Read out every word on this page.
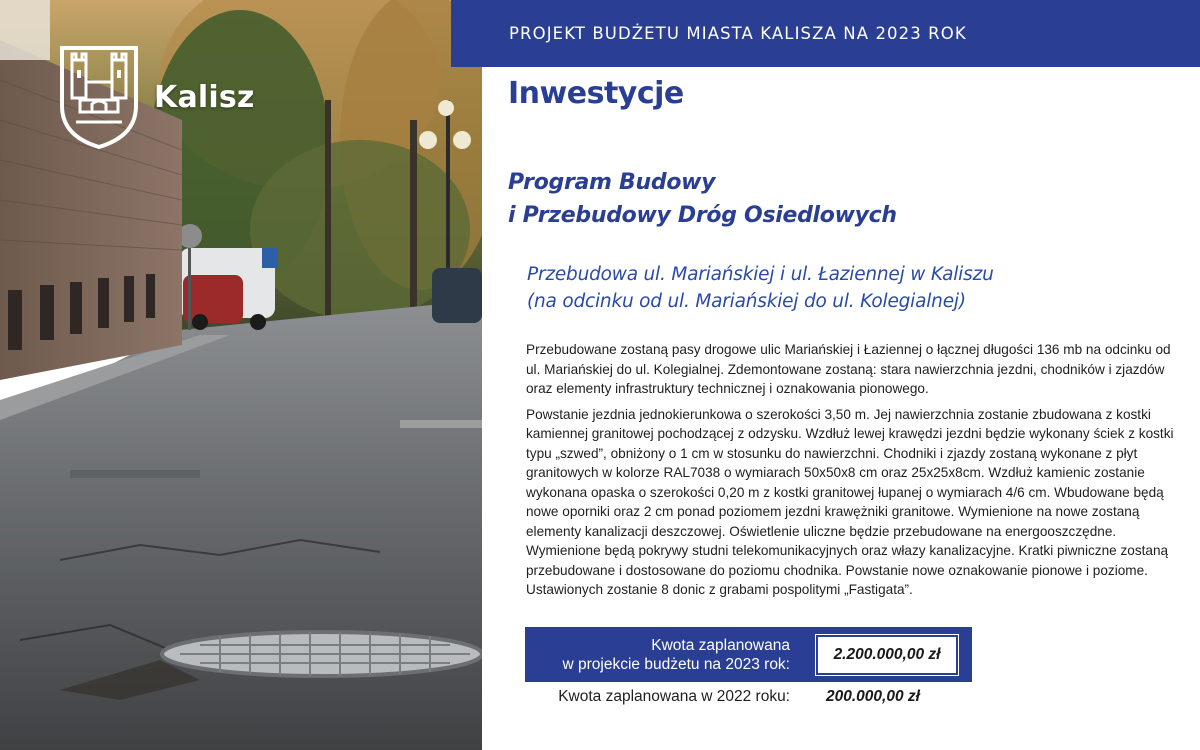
Kalisz
PROJEKT BUDŻETU MIASTA KALISZA NA 2023 ROK
Inwestycje
Program Budowy
i Przebudowy Dróg Osiedlowych
Przebudowa ul. Mariańskiej i ul. Łaziennej w Kaliszu
(na odcinku od ul. Mariańskiej do ul. Kolegialnej)

Przebudowane zostaną pasy drogowe ulic Mariańskiej i Łaziennej o łącznej długości 136 mb na odcinku od ul. Mariańskiej do ul. Kolegialnej. Zdemontowane zostaną: stara nawierzchnia jezdni, chodników i zjazdów oraz elementy infrastruktury technicznej i oznakowania pionowego.

Powstanie jezdnia jednokierunkowa o szerokości 3,50 m. Jej nawierzchnia zostanie zbudowana z kostki kamiennej granitowej pochodzącej z odzysku. Wzdłuż lewej krawędzi jezdni będzie wykonany ściek z kostki typu „szwed”, obniżony o 1 cm w stosunku do nawierzchni. Chodniki i zjazdy zostaną wykonane z płyt granitowych w kolorze RAL7038 o wymiarach 50x50x8 cm oraz 25x25x8cm. Wzdłuż kamienic zostanie wykonana opaska o szerokości 0,20 m z kostki granitowej łupanej o wymiarach 4/6 cm. Wbudowane będą nowe oporniki oraz 2 cm ponad poziomem jezdni krawężniki granitowe. Wymienione na nowe zostaną elementy kanalizacji deszczowej. Oświetlenie uliczne będzie przebudowane na energooszczędne. Wymienione będą pokrywy studni telekomunikacyjnych oraz włazy kanalizacyjne. Kratki piwniczne zostaną przebudowane i dostosowane do poziomu chodnika. Powstanie nowe oznakowanie pionowe i poziome. Ustawionych zostanie 8 donic z grabami pospolitymi „Fastigata”.

Kwota zaplanowana
w projekcie budżetu na 2023 rok:
2.200.000,00 zł
Kwota zaplanowana w 2022 roku: 200.000,00 zł
